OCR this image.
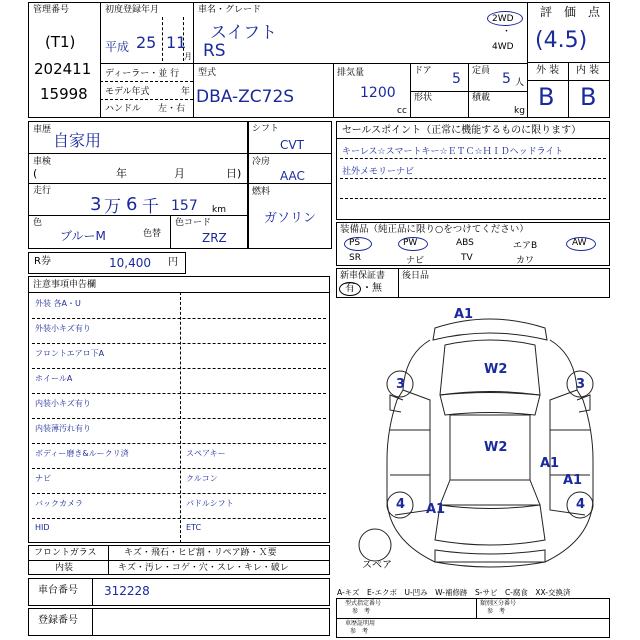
管理番号
(T1)
202411
15998
初度登録年月
平成 25 11
月
車名・グレード
スイフト
RS
2WD
・
4WD
評　価　点
(4.5)
外 装 内 装
B B
ディーラー・並 行
モデル年式	年
ハンドル 左・右
型式
DBA-ZC72S
排気量
1200
cc
ドア 5 定員 5 人
形状	積載
kg
車歴
自家用
車検
(	年	月	日)
走行
3 万 6 千 157 km
色
ブルーM	色替
色コード
ZRZ
シフト
CVT
冷房
AAC
燃料
ガソリン
R券	10,400 円
セールスポイント（正常に機能するものに限ります）
キーレス☆スマートキー☆ＥＴＣ☆ＨＩＤヘッドライト
社外メモリーナビ
装備品（純正品に限り○をつけてください）
PS	PW	ABS	エアB	AW
SR	ナビ	TV	カワ
新車保証書
有 ・無
後日品
注意事項申告欄
外装 各A・U
外装小キズ有り
フロントエアロ下A
ホイールA
内装小キズ有り
内装薄汚れ有り
ボディー磨き&ルークリ済	スペアキー
ナビ	クルコン
バックカメラ	パドルシフト
HID	ETC
A1
W2
3	3
W2
A1
A1
4	4
A1
スペア
フロントガラス	キズ・飛石・ヒビ割・リペア跡・Ｘ要
内装	キズ・汚レ・コゲ・穴・スレ・キレ・破レ
車台番号 312228
登録番号
A-キズ　E-エクボ　U-凹み　W-補修跡　S-サビ　C-腐食　XX-交換済
型式指定番号
参　考
類別区分番号
参　考
車歴証明用
参　考
